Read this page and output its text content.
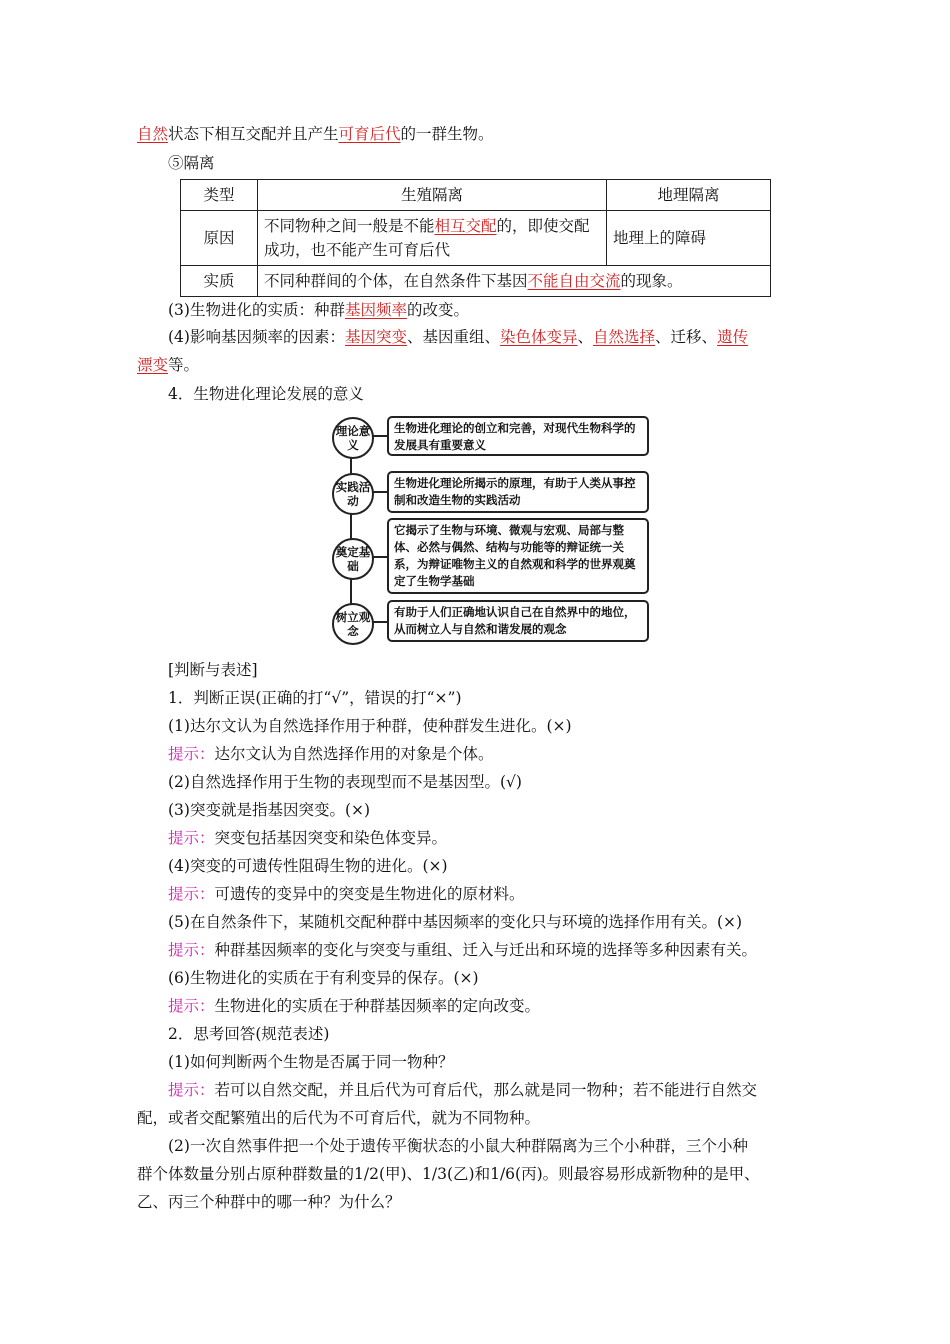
自然状态下相互交配并且产生可育后代的一群生物。
⑤隔离
类型	生殖隔离	地理隔离
原因	不同物种之间一般是不能相互交配的，即使交配成功，也不能产生可育后代	地理上的障碍
实质	不同种群间的个体，在自然条件下基因不能自由交流的现象。	
(3)生物进化的实质：种群基因频率的改变。
(4)影响基因频率的因素：基因突变、基因重组、染色体变异、自然选择、迁移、遗传
漂变等。
4．生物进化理论发展的意义
理论意义
生物进化理论的创立和完善，对现代生物科学的发展具有重要意义
实践活动
生物进化理论所揭示的原理，有助于人类从事控制和改造生物的实践活动
奠定基础
它揭示了生物与环境、微观与宏观、局部与整体、必然与偶然、结构与功能等的辩证统一关系，为辩证唯物主义的自然观和科学的世界观奠定了生物学基础
树立观念
有助于人们正确地认识自己在自然界中的地位，从而树立人与自然和谐发展的观念
[判断与表述]
1．判断正误(正确的打“√”，错误的打“×”)
(1)达尔文认为自然选择作用于种群，使种群发生进化。(×)
提示：达尔文认为自然选择作用的对象是个体。
(2)自然选择作用于生物的表现型而不是基因型。(√)
(3)突变就是指基因突变。(×)
提示：突变包括基因突变和染色体变异。
(4)突变的可遗传性阻碍生物的进化。(×)
提示：可遗传的变异中的突变是生物进化的原材料。
(5)在自然条件下，某随机交配种群中基因频率的变化只与环境的选择作用有关。(×)
提示：种群基因频率的变化与突变与重组、迁入与迁出和环境的选择等多种因素有关。
(6)生物进化的实质在于有利变异的保存。(×)
提示：生物进化的实质在于种群基因频率的定向改变。
2．思考回答(规范表述)
(1)如何判断两个生物是否属于同一物种？
提示：若可以自然交配，并且后代为可育后代，那么就是同一物种；若不能进行自然交
配，或者交配繁殖出的后代为不可育后代，就为不同物种。
(2)一次自然事件把一个处于遗传平衡状态的小鼠大种群隔离为三个小种群，三个小种
群个体数量分别占原种群数量的1/2(甲)、1/3(乙)和1/6(丙)。则最容易形成新物种的是甲、
乙、丙三个种群中的哪一种？为什么？
